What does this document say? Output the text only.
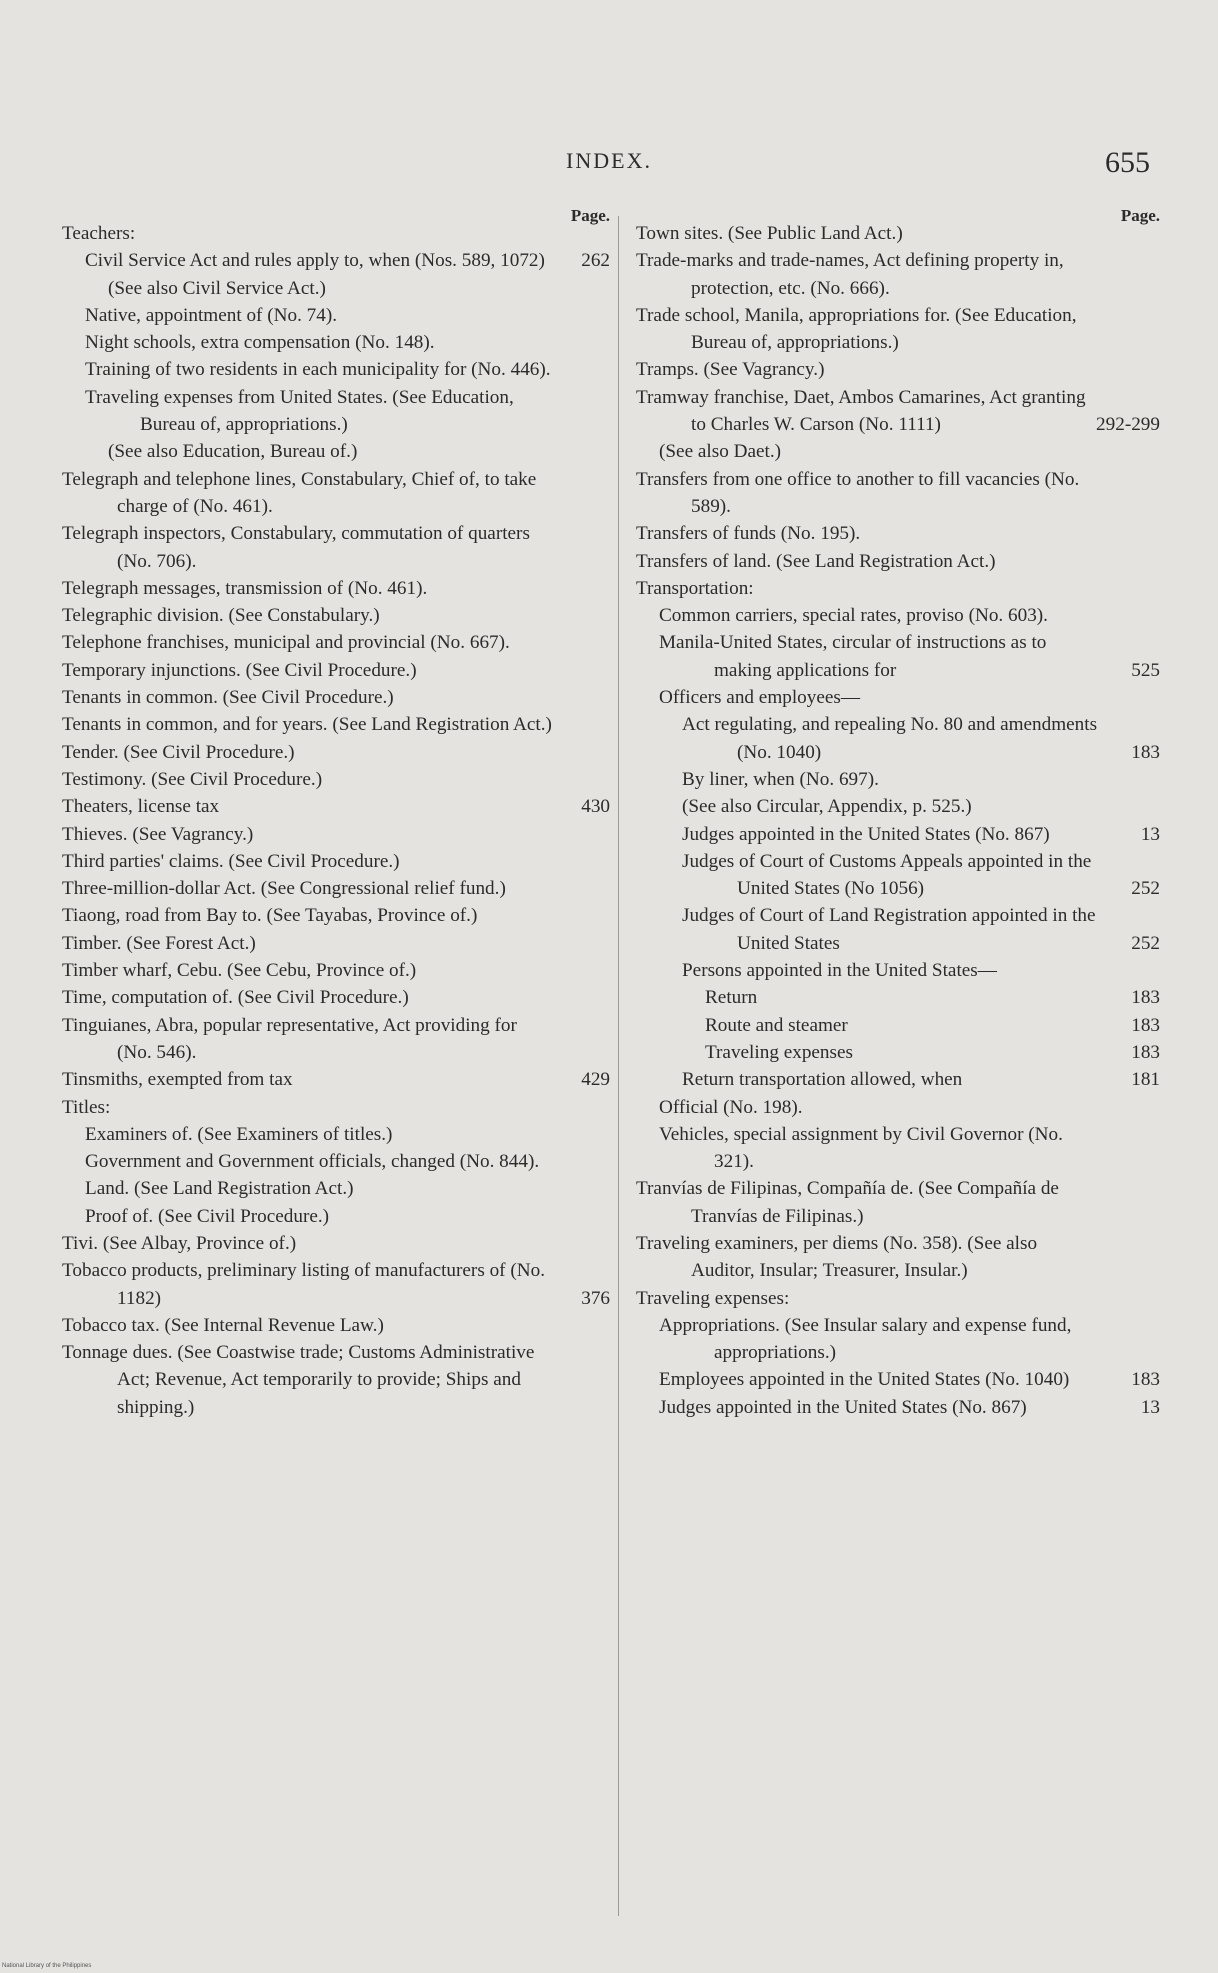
INDEX.	655
Page.
Teachers:
Civil Service Act and rules apply to, when (Nos. 589, 1072) 262
(See also Civil Service Act.)
Native, appointment of (No. 74).
Night schools, extra compensation (No. 148).
Training of two residents in each municipality for (No. 446).
Traveling expenses from United States. (See Education, Bureau of, appropriations.)
(See also Education, Bureau of.)
Telegraph and telephone lines, Constabulary, Chief of, to take charge of (No. 461).
Telegraph inspectors, Constabulary, commutation of quarters (No. 706).
Telegraph messages, transmission of (No. 461).
Telegraphic division. (See Constabulary.)
Telephone franchises, municipal and provincial (No. 667).
Temporary injunctions. (See Civil Procedure.)
Tenants in common. (See Civil Procedure.)
Tenants in common, and for years. (See Land Registration Act.)
Tender. (See Civil Procedure.)
Testimony. (See Civil Procedure.)
Theaters, license tax	430
Thieves. (See Vagrancy.)
Third parties' claims. (See Civil Procedure.)
Three-million-dollar Act. (See Congressional relief fund.)
Tiaong, road from Bay to. (See Tayabas, Province of.)
Timber. (See Forest Act.)
Timber wharf, Cebu. (See Cebu, Province of.)
Time, computation of. (See Civil Procedure.)
Tinguianes, Abra, popular representative, Act providing for (No. 546).
Tinsmiths, exempted from tax	429
Titles:
Examiners of. (See Examiners of titles.)
Government and Government officials, changed (No. 844).
Land. (See Land Registration Act.)
Proof of. (See Civil Procedure.)
Tivi. (See Albay, Province of.)
Tobacco products, preliminary listing of manufacturers of (No. 1182)	376
Tobacco tax. (See Internal Revenue Law.)
Tonnage dues. (See Coastwise trade; Customs Administrative Act; Revenue, Act temporarily to provide; Ships and shipping.)
Page.
Town sites. (See Public Land Act.)
Trade-marks and trade-names, Act defining property in, protection, etc. (No. 666).
Trade school, Manila, appropriations for. (See Education, Bureau of, appropriations.)
Tramps. (See Vagrancy.)
Tramway franchise, Daet, Ambos Camarines, Act granting to Charles W. Carson (No. 1111)	292-299
(See also Daet.)
Transfers from one office to another to fill vacancies (No. 589).
Transfers of funds (No. 195).
Transfers of land. (See Land Registration Act.)
Transportation:
Common carriers, special rates, proviso (No. 603).
Manila-United States, circular of instructions as to making applications for	525
Officers and employees—
Act regulating, and repealing No. 80 and amendments (No. 1040)	183
By liner, when (No. 697).
(See also Circular, Appendix, p. 525.)
Judges appointed in the United States (No. 867)	13
Judges of Court of Customs Appeals appointed in the United States (No 1056)	252
Judges of Court of Land Registration appointed in the United States	252
Persons appointed in the United States—
Return	183
Route and steamer	183
Traveling expenses	183
Return transportation allowed, when	181
Official (No. 198).
Vehicles, special assignment by Civil Governor (No. 321).
Tranvías de Filipinas, Compañía de. (See Compañía de Tranvías de Filipinas.)
Traveling examiners, per diems (No. 358). (See also Auditor, Insular; Treasurer, Insular.)
Traveling expenses:
Appropriations. (See Insular salary and expense fund, appropriations.)
Employees appointed in the United States (No. 1040)	183
Judges appointed in the United States (No. 867)	13
National Library of the Philippines
